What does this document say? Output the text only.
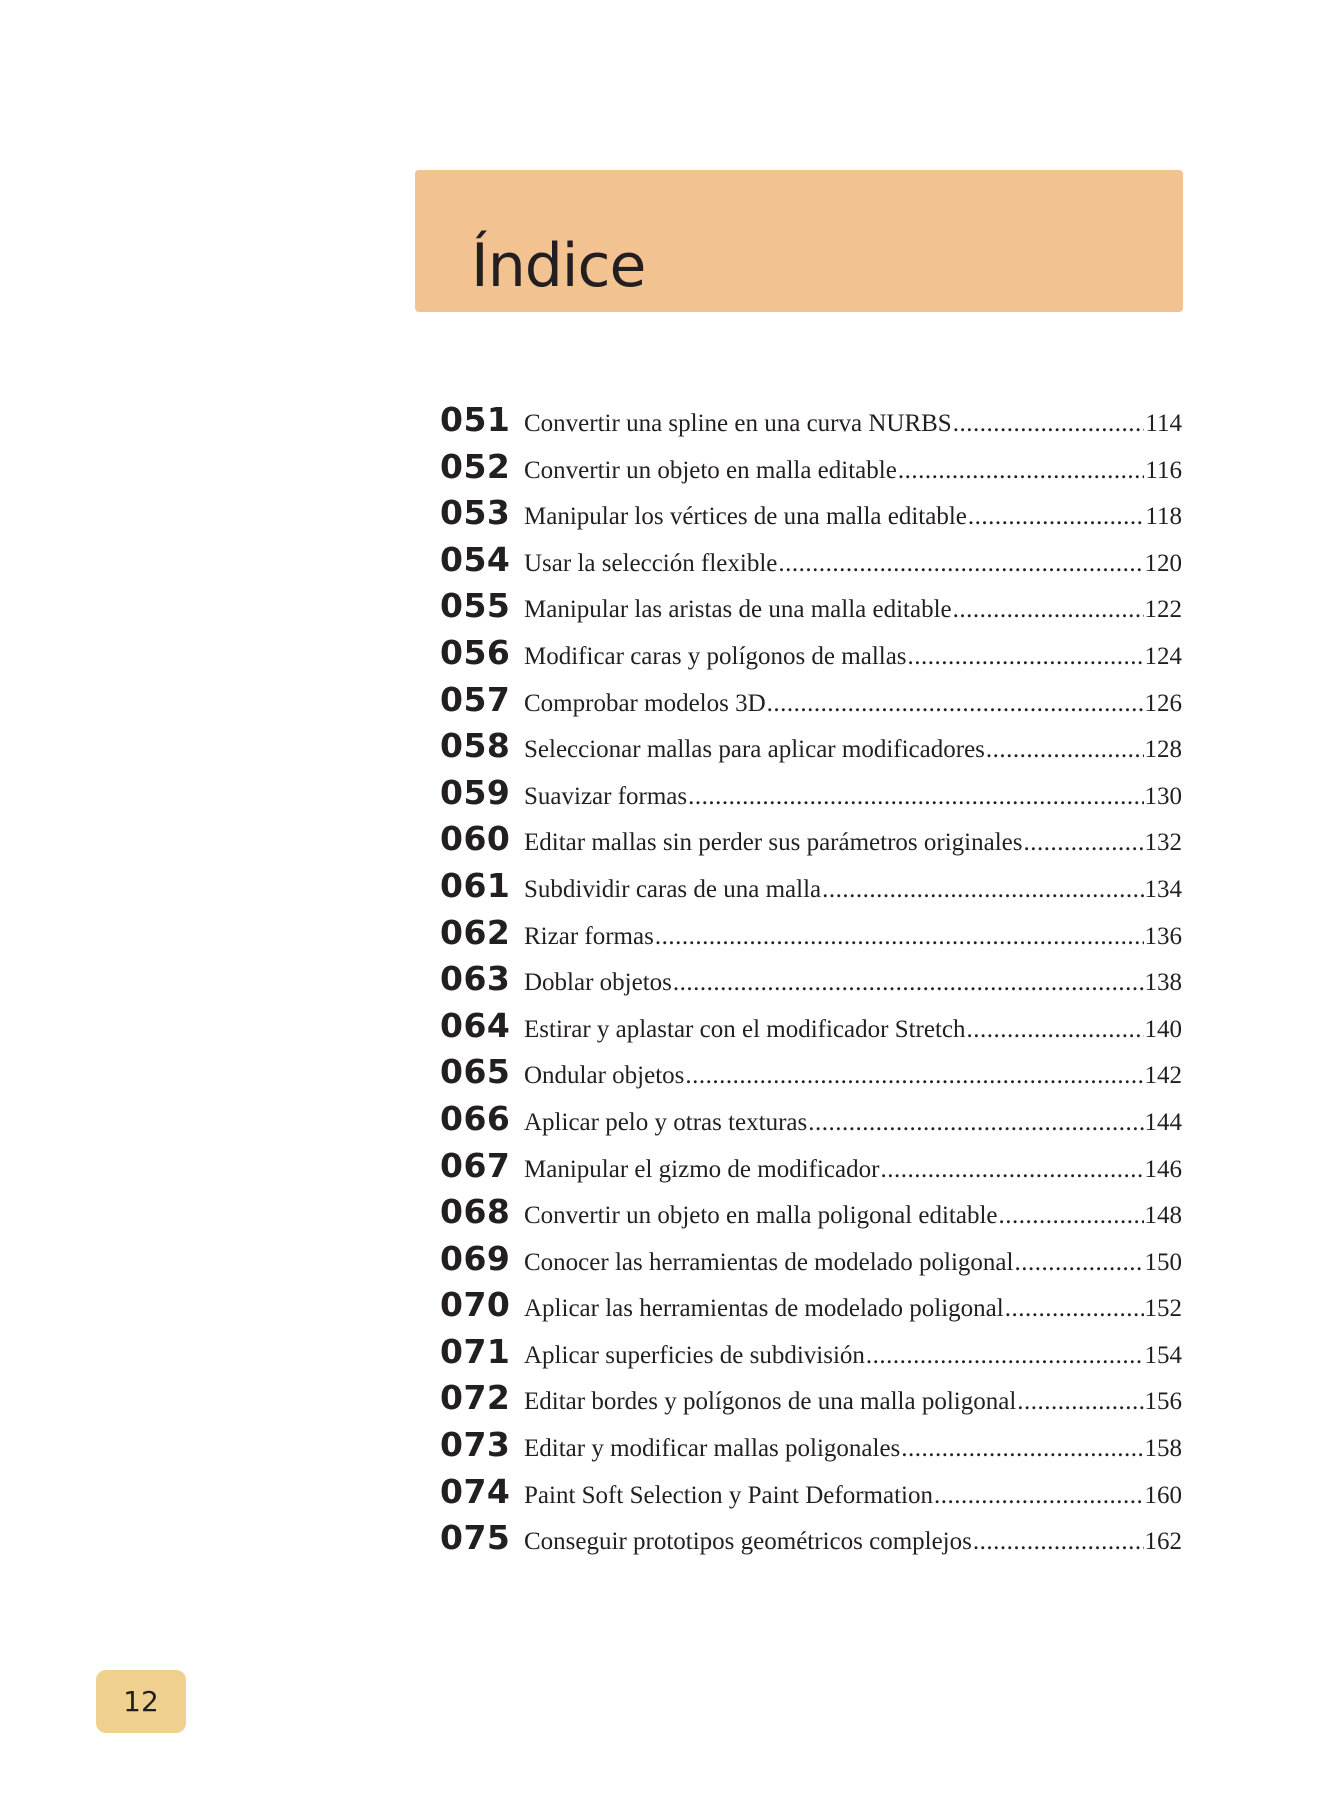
Índice
051 Convertir una spline en una curva NURBS .....	114
052 Convertir un objeto en malla editable .....	116
053 Manipular los vértices de una malla editable .....	118
054 Usar la selección flexible .....	120
055 Manipular las aristas de una malla editable .....	122
056 Modificar caras y polígonos de mallas .....	124
057 Comprobar modelos 3D .....	126
058 Seleccionar mallas para aplicar modificadores .....	128
059 Suavizar formas .....	130
060 Editar mallas sin perder sus parámetros originales .....	132
061 Subdividir caras de una malla .....	134
062 Rizar formas .....	136
063 Doblar objetos .....	138
064 Estirar y aplastar con el modificador Stretch .....	140
065 Ondular objetos .....	142
066 Aplicar pelo y otras texturas .....	144
067 Manipular el gizmo de modificador .....	146
068 Convertir un objeto en malla poligonal editable .....	148
069 Conocer las herramientas de modelado poligonal .....	150
070 Aplicar las herramientas de modelado poligonal .....	152
071 Aplicar superficies de subdivisión .....	154
072 Editar bordes y polígonos de una malla poligonal .....	156
073 Editar y modificar mallas poligonales .....	158
074 Paint Soft Selection y Paint Deformation .....	160
075 Conseguir prototipos geométricos complejos .....	162
12
